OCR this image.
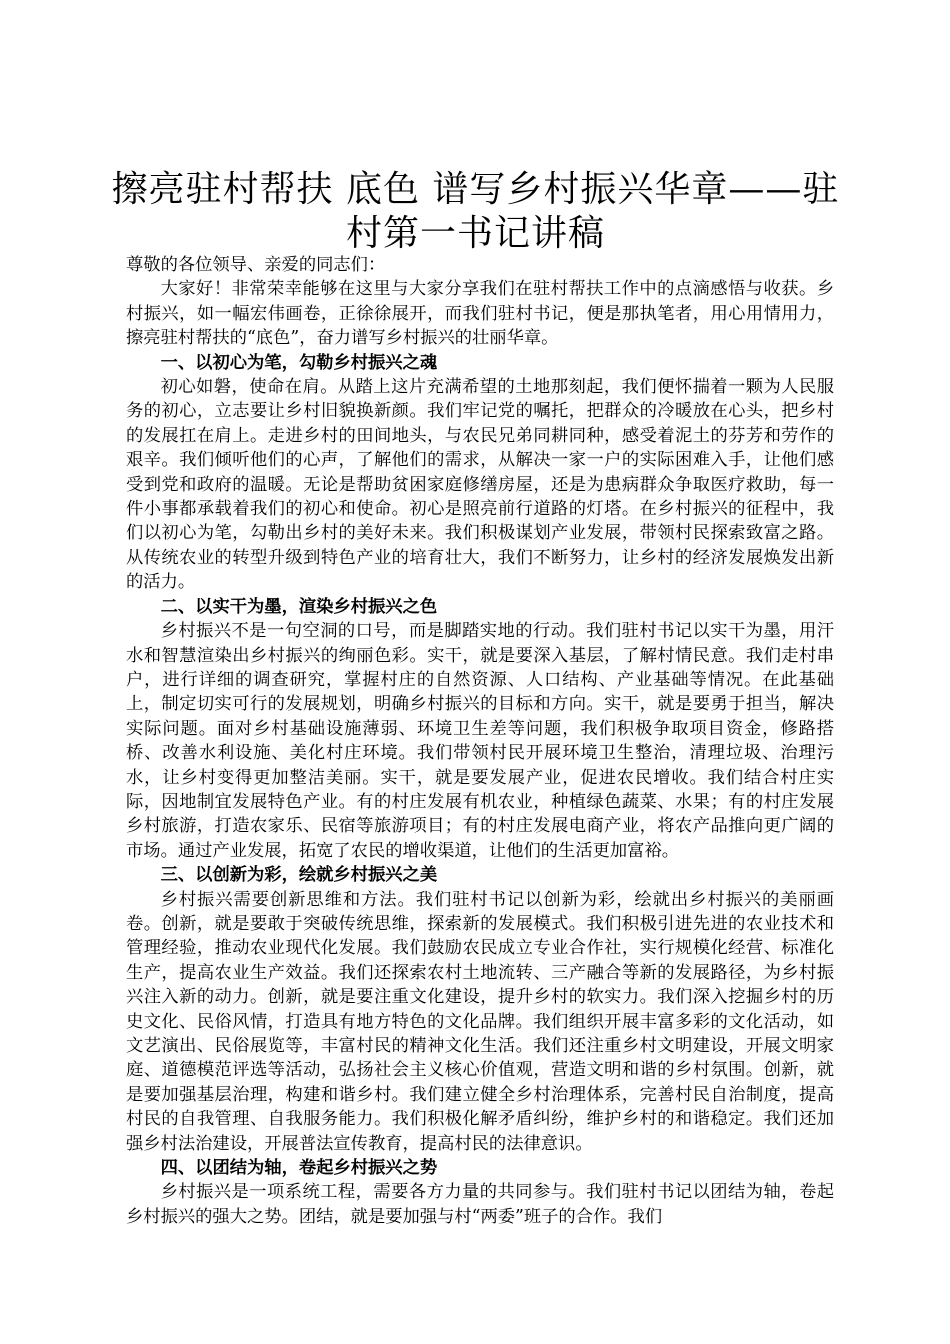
擦亮驻村帮扶 底色 谱写乡村振兴华章——驻村第一书记讲稿

尊敬的各位领导、亲爱的同志们：

大家好！非常荣幸能够在这里与大家分享我们在驻村帮扶工作中的点滴感悟与收获。乡村振兴，如一幅宏伟画卷，正徐徐展开，而我们驻村书记，便是那执笔者，用心用情用力，擦亮驻村帮扶的“底色”，奋力谱写乡村振兴的壮丽华章。

一、以初心为笔，勾勒乡村振兴之魂

初心如磐，使命在肩。从踏上这片充满希望的土地那刻起，我们便怀揣着一颗为人民服务的初心，立志要让乡村旧貌换新颜。我们牢记党的嘱托，把群众的冷暖放在心头，把乡村的发展扛在肩上。走进乡村的田间地头，与农民兄弟同耕同种，感受着泥土的芬芳和劳作的艰辛。我们倾听他们的心声，了解他们的需求，从解决一家一户的实际困难入手，让他们感受到党和政府的温暖。无论是帮助贫困家庭修缮房屋，还是为患病群众争取医疗救助，每一件小事都承载着我们的初心和使命。初心是照亮前行道路的灯塔。在乡村振兴的征程中，我们以初心为笔，勾勒出乡村的美好未来。我们积极谋划产业发展，带领村民探索致富之路。从传统农业的转型升级到特色产业的培育壮大，我们不断努力，让乡村的经济发展焕发出新的活力。

二、以实干为墨，渲染乡村振兴之色

乡村振兴不是一句空洞的口号，而是脚踏实地的行动。我们驻村书记以实干为墨，用汗水和智慧渲染出乡村振兴的绚丽色彩。实干，就是要深入基层，了解村情民意。我们走村串户，进行详细的调查研究，掌握村庄的自然资源、人口结构、产业基础等情况。在此基础上，制定切实可行的发展规划，明确乡村振兴的目标和方向。实干，就是要勇于担当，解决实际问题。面对乡村基础设施薄弱、环境卫生差等问题，我们积极争取项目资金，修路搭桥、改善水利设施、美化村庄环境。我们带领村民开展环境卫生整治，清理垃圾、治理污水，让乡村变得更加整洁美丽。实干，就是要发展产业，促进农民增收。我们结合村庄实际，因地制宜发展特色产业。有的村庄发展有机农业，种植绿色蔬菜、水果；有的村庄发展乡村旅游，打造农家乐、民宿等旅游项目；有的村庄发展电商产业，将农产品推向更广阔的市场。通过产业发展，拓宽了农民的增收渠道，让他们的生活更加富裕。

三、以创新为彩，绘就乡村振兴之美

乡村振兴需要创新思维和方法。我们驻村书记以创新为彩，绘就出乡村振兴的美丽画卷。创新，就是要敢于突破传统思维，探索新的发展模式。我们积极引进先进的农业技术和管理经验，推动农业现代化发展。我们鼓励农民成立专业合作社，实行规模化经营、标准化生产，提高农业生产效益。我们还探索农村土地流转、三产融合等新的发展路径，为乡村振兴注入新的动力。创新，就是要注重文化建设，提升乡村的软实力。我们深入挖掘乡村的历史文化、民俗风情，打造具有地方特色的文化品牌。我们组织开展丰富多彩的文化活动，如文艺演出、民俗展览等，丰富村民的精神文化生活。我们还注重乡村文明建设，开展文明家庭、道德模范评选等活动，弘扬社会主义核心价值观，营造文明和谐的乡村氛围。创新，就是要加强基层治理，构建和谐乡村。我们建立健全乡村治理体系，完善村民自治制度，提高村民的自我管理、自我服务能力。我们积极化解矛盾纠纷，维护乡村的和谐稳定。我们还加强乡村法治建设，开展普法宣传教育，提高村民的法律意识。

四、以团结为轴，卷起乡村振兴之势

乡村振兴是一项系统工程，需要各方力量的共同参与。我们驻村书记以团结为轴，卷起乡村振兴的强大之势。团结，就是要加强与村“两委”班子的合作。我们
